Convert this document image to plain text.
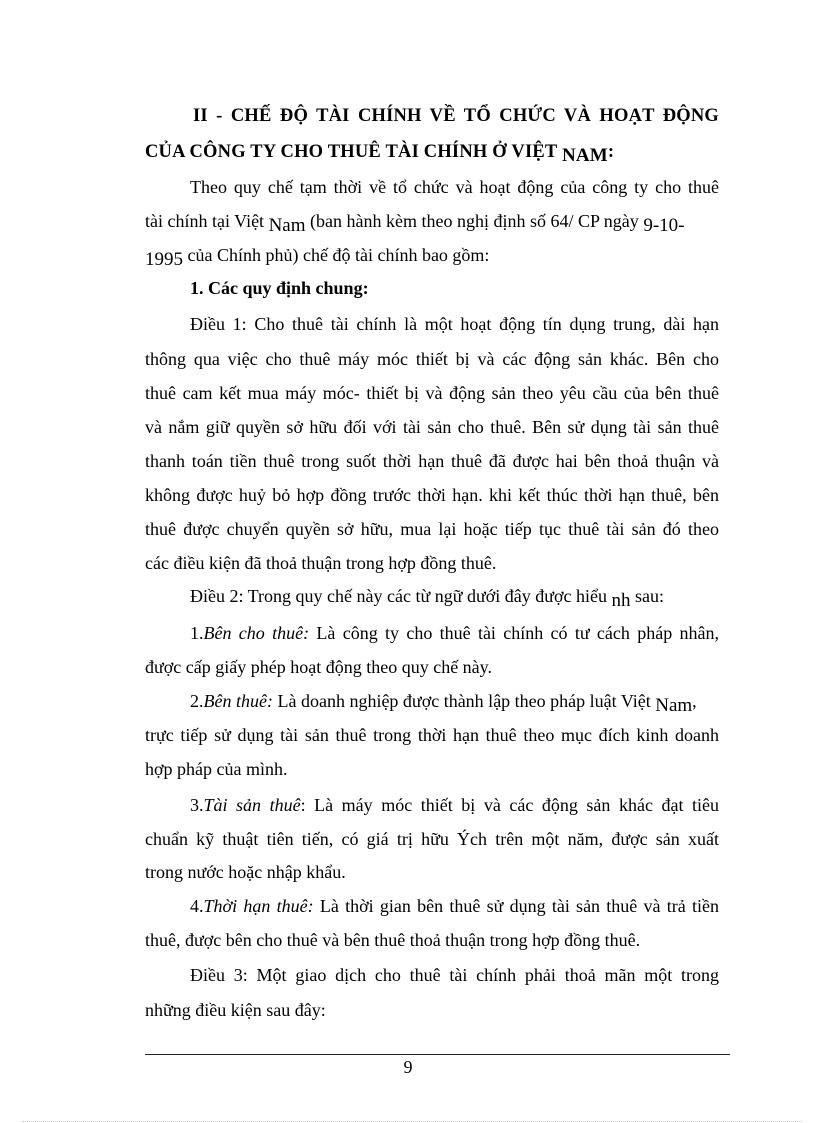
II - CHẾ ĐỘ TÀI CHÍNH VỀ TỔ CHỨC VÀ HOẠT ĐỘNG
CỦA CÔNG TY CHO THUÊ TÀI CHÍNH Ở VIỆT NAM:
Theo quy chế tạm thời về tổ chức và hoạt động của công ty cho thuê
tài chính tại Việt Nam (ban hành kèm theo nghị định số 64/ CP ngày 9-10-
1995 của Chính phủ) chế độ tài chính bao gồm:
1. Các quy định chung:
Điều 1: Cho thuê tài chính là một hoạt động tín dụng trung, dài hạn
thông qua việc cho thuê máy móc thiết bị và các động sản khác. Bên cho
thuê cam kết mua máy móc- thiết bị và động sản theo yêu cầu của bên thuê
và nắm giữ quyền sở hữu đối với tài sản cho thuê. Bên sử dụng tài sản thuê
thanh toán tiền thuê trong suốt thời hạn thuê đã được hai bên thoả thuận và
không được huỷ bỏ hợp đồng trước thời hạn. khi kết thúc thời hạn thuê, bên
thuê được chuyển quyền sở hữu, mua lại hoặc tiếp tục thuê tài sản đó theo
các điều kiện đã thoả thuận trong hợp đồng thuê.
Điều 2: Trong quy chế này các từ ngữ dưới đây được hiểu nh sau:
1.Bên cho thuê: Là công ty cho thuê tài chính có tư cách pháp nhân,
được cấp giấy phép hoạt động theo quy chế này.
2.Bên thuê: Là doanh nghiệp được thành lập theo pháp luật Việt Nam,
trực tiếp sử dụng tài sản thuê trong thời hạn thuê theo mục đích kinh doanh
hợp pháp của mình.
3.Tài sản thuê: Là máy móc thiết bị và các động sản khác đạt tiêu
chuẩn kỹ thuật tiên tiến, có giá trị hữu Ých trên một năm, được sản xuất
trong nước hoặc nhập khẩu.
4.Thời hạn thuê: Là thời gian bên thuê sử dụng tài sản thuê và trả tiền
thuê, được bên cho thuê và bên thuê thoả thuận trong hợp đồng thuê.
Điều 3: Một giao dịch cho thuê tài chính phải thoả mãn một trong
những điều kiện sau đây:
9
